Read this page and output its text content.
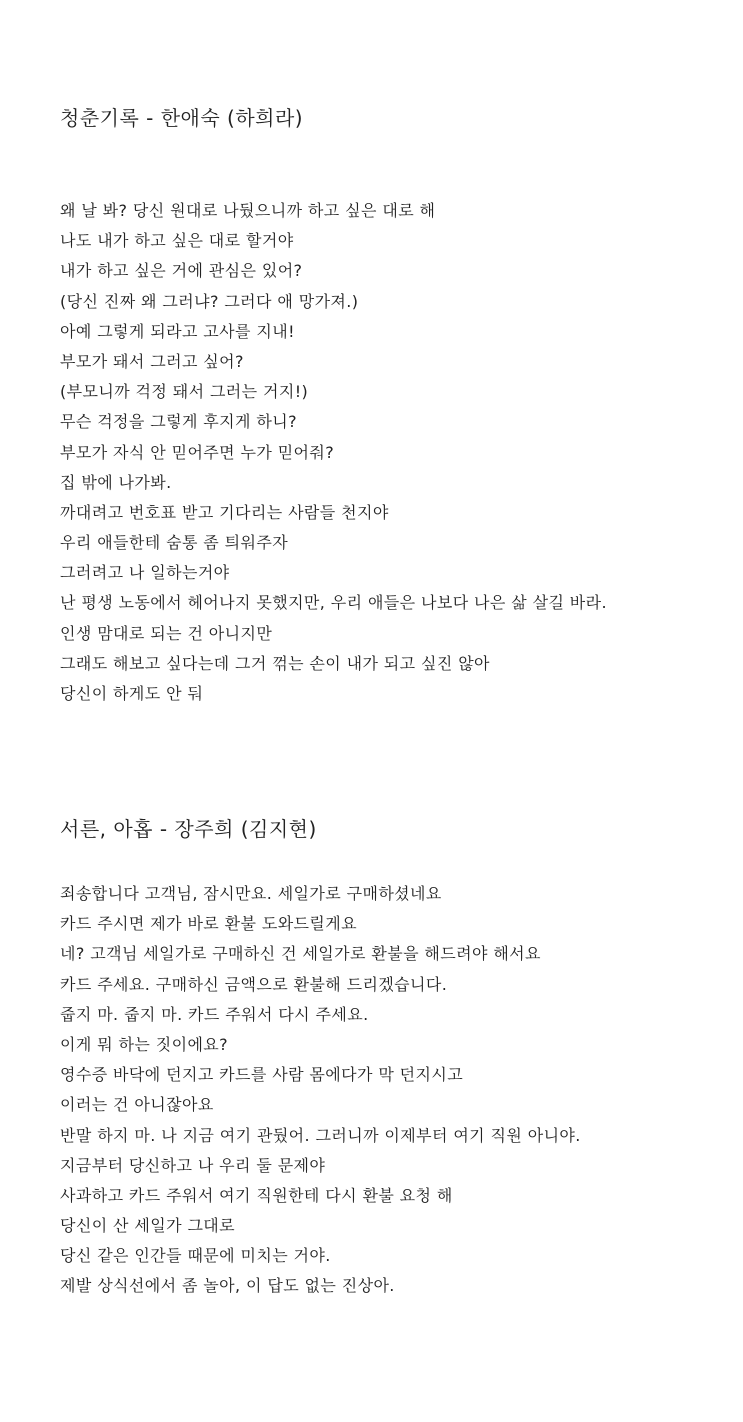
청춘기록 - 한애숙 (하희라)
왜 날 봐? 당신 원대로 나뒀으니까 하고 싶은 대로 해
나도 내가 하고 싶은 대로 할거야
내가 하고 싶은 거에 관심은 있어?
(당신 진짜 왜 그러냐? 그러다 애 망가져.)
아예 그렇게 되라고 고사를 지내!
부모가 돼서 그러고 싶어?
(부모니까 걱정 돼서 그러는 거지!)
무슨 걱정을 그렇게 후지게 하니?
부모가 자식 안 믿어주면 누가 믿어줘?
집 밖에 나가봐.
까대려고 번호표 받고 기다리는 사람들 천지야
우리 애들한테 숨통 좀 틔워주자
그러려고 나 일하는거야
난 평생 노동에서 헤어나지 못했지만, 우리 애들은 나보다 나은 삶 살길 바라.
인생 맘대로 되는 건 아니지만
그래도 해보고 싶다는데 그거 꺾는 손이 내가 되고 싶진 않아
당신이 하게도 안 둬
서른, 아홉 - 장주희 (김지현)
죄송합니다 고객님, 잠시만요. 세일가로 구매하셨네요
카드 주시면 제가 바로 환불 도와드릴게요
네? 고객님 세일가로 구매하신 건 세일가로 환불을 해드려야 해서요
카드 주세요. 구매하신 금액으로 환불해 드리겠습니다.
줍지 마. 줍지 마. 카드 주워서 다시 주세요.
이게 뭐 하는 짓이에요?
영수증 바닥에 던지고 카드를 사람 몸에다가 막 던지시고
이러는 건 아니잖아요
반말 하지 마. 나 지금 여기 관뒀어. 그러니까 이제부터 여기 직원 아니야.
지금부터 당신하고 나 우리 둘 문제야
사과하고 카드 주워서 여기 직원한테 다시 환불 요청 해
당신이 산 세일가 그대로
당신 같은 인간들 때문에 미치는 거야.
제발 상식선에서 좀 놀아, 이 답도 없는 진상아.
